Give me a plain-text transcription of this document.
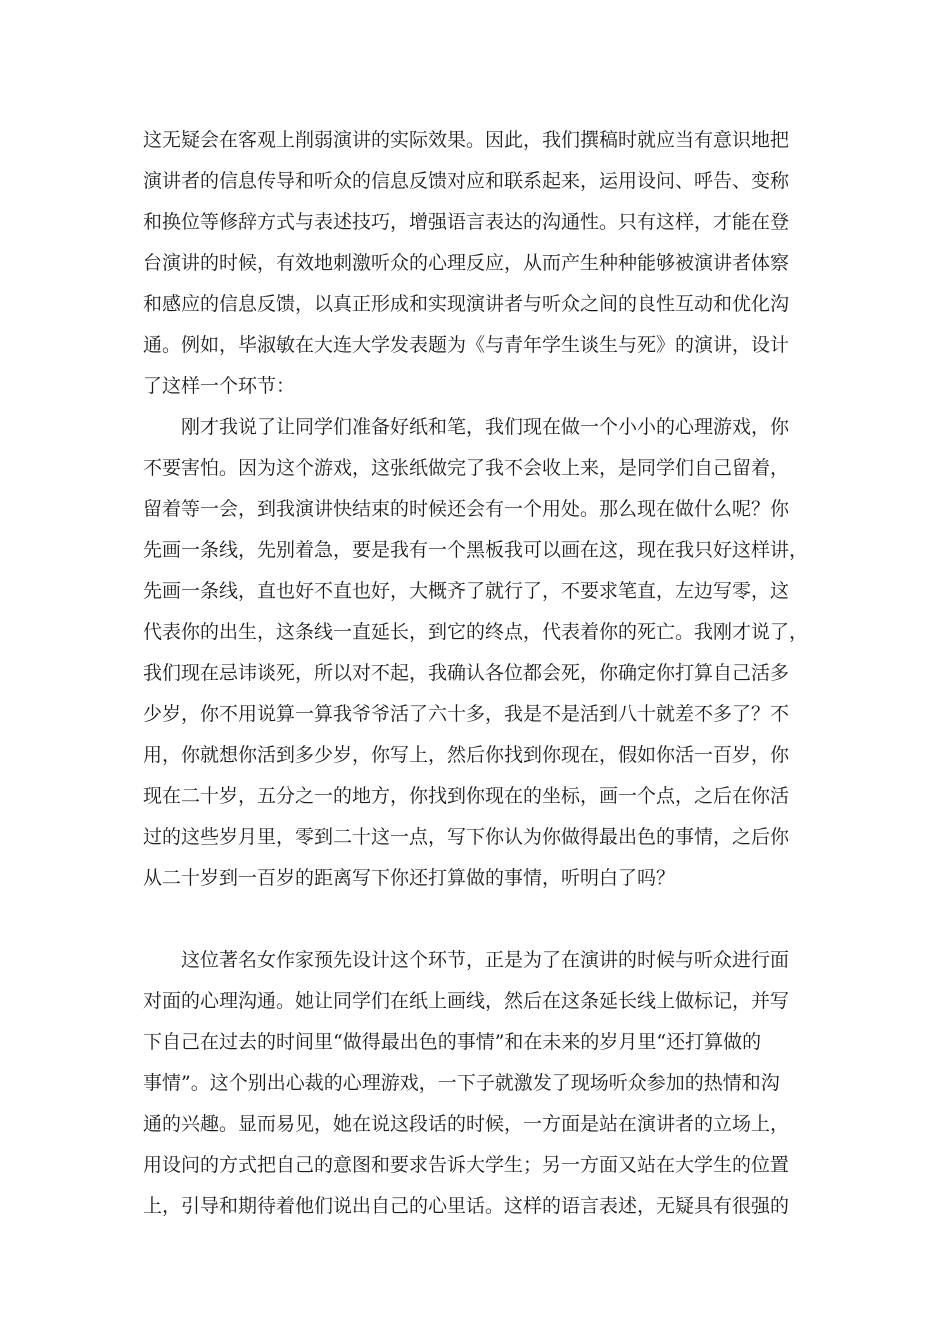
这无疑会在客观上削弱演讲的实际效果。因此，我们撰稿时就应当有意识地把

演讲者的信息传导和听众的信息反馈对应和联系起来，运用设问、呼告、变称

和换位等修辞方式与表述技巧，增强语言表达的沟通性。只有这样，才能在登

台演讲的时候，有效地刺激听众的心理反应，从而产生种种能够被演讲者体察

和感应的信息反馈，以真正形成和实现演讲者与听众之间的良性互动和优化沟

通。例如，毕淑敏在大连大学发表题为《与青年学生谈生与死》的演讲，设计

了这样一个环节：

刚才我说了让同学们准备好纸和笔，我们现在做一个小小的心理游戏，你

不要害怕。因为这个游戏，这张纸做完了我不会收上来，是同学们自己留着，

留着等一会，到我演讲快结束的时候还会有一个用处。那么现在做什么呢？你

先画一条线，先别着急，要是我有一个黑板我可以画在这，现在我只好这样讲，

先画一条线，直也好不直也好，大概齐了就行了，不要求笔直，左边写零，这

代表你的出生，这条线一直延长，到它的终点，代表着你的死亡。我刚才说了，

我们现在忌讳谈死，所以对不起，我确认各位都会死，你确定你打算自己活多

少岁，你不用说算一算我爷爷活了六十多，我是不是活到八十就差不多了？不

用，你就想你活到多少岁，你写上，然后你找到你现在，假如你活一百岁，你

现在二十岁，五分之一的地方，你找到你现在的坐标，画一个点，之后在你活

过的这些岁月里，零到二十这一点，写下你认为你做得最出色的事情，之后你

从二十岁到一百岁的距离写下你还打算做的事情，听明白了吗？

这位著名女作家预先设计这个环节，正是为了在演讲的时候与听众进行面

对面的心理沟通。她让同学们在纸上画线，然后在这条延长线上做标记，并写

下自己在过去的时间里“做得最出色的事情”和在未来的岁月里“还打算做的

事情”。这个别出心裁的心理游戏，一下子就激发了现场听众参加的热情和沟

通的兴趣。显而易见，她在说这段话的时候，一方面是站在演讲者的立场上，

用设问的方式把自己的意图和要求告诉大学生；另一方面又站在大学生的位置

上，引导和期待着他们说出自己的心里话。这样的语言表述，无疑具有很强的
